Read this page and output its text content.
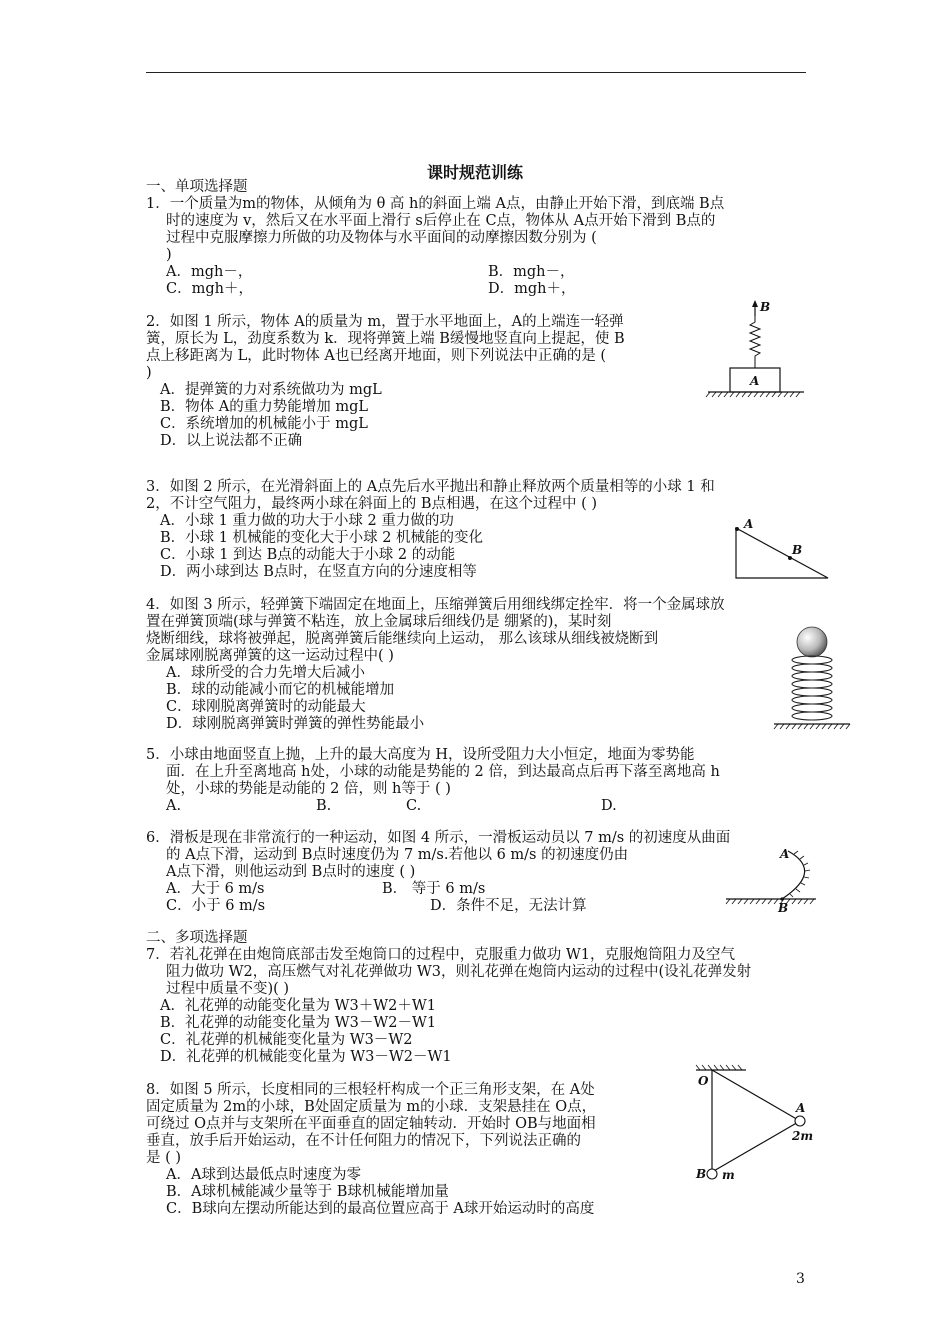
课时规范训练
一、单项选择题
1．一个质量为m的物体，从倾角为 θ 高 h的斜面上端 A点，由静止开始下滑，到底端 B点
时的速度为 v，然后又在水平面上滑行 s后停止在 C点，物体从 A点开始下滑到 B点的
过程中克服摩擦力所做的功及物体与水平面间的动摩擦因数分别为 (
)
A．mgh－，	B．mgh－，
C．mgh＋，	D．mgh＋，
2．如图 1 所示，物体 A的质量为 m，置于水平地面上，A的上端连一轻弹
簧，原长为 L，劲度系数为 k．现将弹簧上端 B缓慢地竖直向上提起，使 B
点上移距离为 L，此时物体 A也已经离开地面，则下列说法中正确的是 (
)
A．提弹簧的力对系统做功为 mgL
B．物体 A的重力势能增加 mgL
C．系统增加的机械能小于 mgL
D．以上说法都不正确
B
A
3．如图 2 所示，在光滑斜面上的 A点先后水平抛出和静止释放两个质量相等的小球 1 和
2，不计空气阻力，最终两小球在斜面上的 B点相遇，在这个过程中 ( )
A．小球 1 重力做的功大于小球 2 重力做的功
B．小球 1 机械能的变化大于小球 2 机械能的变化
C．小球 1 到达 B点的动能大于小球 2 的动能
D．两小球到达 B点时，在竖直方向的分速度相等
A
B
4．如图 3 所示，轻弹簧下端固定在地面上，压缩弹簧后用细线绑定拴牢．将一个金属球放
置在弹簧顶端(球与弹簧不粘连，放上金属球后细线仍是 绷紧的)，某时刻
烧断细线，球将被弹起，脱离弹簧后能继续向上运动， 那么该球从细线被烧断到
金属球刚脱离弹簧的这一运动过程中( )
A．球所受的合力先增大后减小
B．球的动能减小而它的机械能增加
C．球刚脱离弹簧时的动能最大
D．球刚脱离弹簧时弹簧的弹性势能最小
5．小球由地面竖直上抛，上升的最大高度为 H，设所受阻力大小恒定，地面为零势能
面．在上升至离地高 h处，小球的动能是势能的 2 倍，到达最高点后再下落至离地高 h
处，小球的势能是动能的 2 倍，则 h等于 ( )
A.	B.	C.	D.
6．滑板是现在非常流行的一种运动，如图 4 所示，一滑板运动员以 7 m/s 的初速度从曲面
的 A点下滑，运动到 B点时速度仍为 7 m/s.若他以 6 m/s 的初速度仍由
A点下滑，则他运动到 B点时的速度 ( )
A．大于 6 m/s	B． 等于 6 m/s
C．小于 6 m/s	D．条件不足，无法计算
A
B
二、多项选择题
7．若礼花弹在由炮筒底部击发至炮筒口的过程中，克服重力做功 W1，克服炮筒阻力及空气
阻力做功 W2，高压燃气对礼花弹做功 W3，则礼花弹在炮筒内运动的过程中(设礼花弹发射
过程中质量不变)( )
A．礼花弹的动能变化量为 W3＋W2＋W1
B．礼花弹的动能变化量为 W3－W2－W1
C．礼花弹的机械能变化量为 W3－W2
D．礼花弹的机械能变化量为 W3－W2－W1
8．如图 5 所示，长度相同的三根轻杆构成一个正三角形支架，在 A处
固定质量为 2m的小球，B处固定质量为 m的小球．支架悬挂在 O点，
可绕过 O点并与支架所在平面垂直的固定轴转动．开始时 OB与地面相
垂直，放手后开始运动，在不计任何阻力的情况下，下列说法正确的
是 ( )
A．A球到达最低点时速度为零
B．A球机械能减少量等于 B球机械能增加量
C．B球向左摆动所能达到的最高位置应高于 A球开始运动时的高度
O
A
2m
B m
3
